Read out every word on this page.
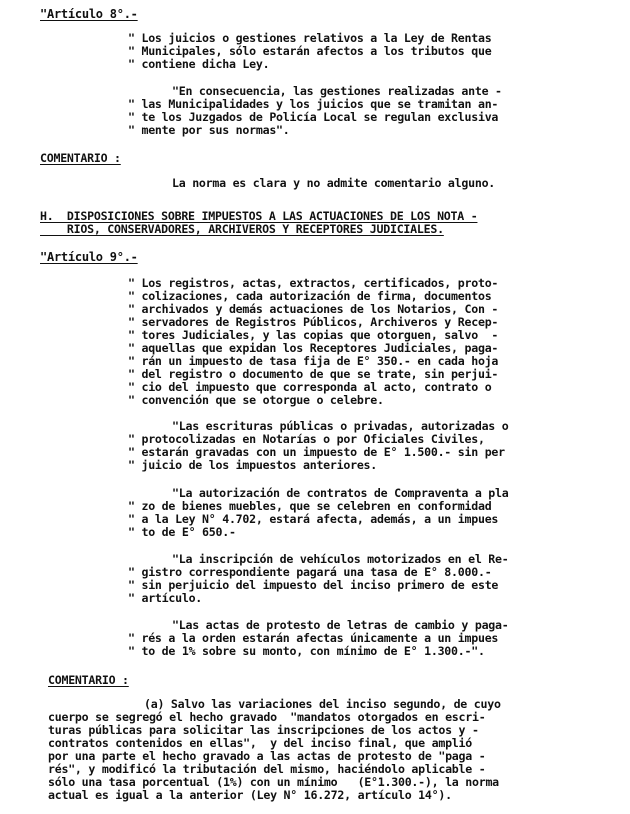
"Artículo 8°.-
" Los juicios o gestiones relativos a la Ley de Rentas
" Municipales, sólo estarán afectos a los tributos que
" contiene dicha Ley.
"En consecuencia, las gestiones realizadas ante -
" las Municipalidades y los juicios que se tramitan an-
" te los Juzgados de Policía Local se regulan exclusiva
" mente por sus normas".
COMENTARIO :
La norma es clara y no admite comentario alguno.
H.  DISPOSICIONES SOBRE IMPUESTOS A LAS ACTUACIONES DE LOS NOTA -
RIOS, CONSERVADORES, ARCHIVEROS Y RECEPTORES JUDICIALES.
"Artículo 9°.-
" Los registros, actas, extractos, certificados, proto-
" colizaciones, cada autorización de firma, documentos
" archivados y demás actuaciones de los Notarios, Con -
" servadores de Registros Públicos, Archiveros y Recep-
" tores Judiciales, y las copias que otorguen, salvo  -
" aquellas que expidan los Receptores Judiciales, paga-
" rán un impuesto de tasa fija de E° 350.- en cada hoja
" del registro o documento de que se trate, sin perjui-
" cio del impuesto que corresponda al acto, contrato o
" convención que se otorgue o celebre.
"Las escrituras públicas o privadas, autorizadas o
" protocolizadas en Notarías o por Oficiales Civiles,
" estarán gravadas con un impuesto de E° 1.500.- sin per
" juicio de los impuestos anteriores.
"La autorización de contratos de Compraventa a pla
" zo de bienes muebles, que se celebren en conformidad
" a la Ley N° 4.702, estará afecta, además, a un impues
" to de E° 650.-
"La inscripción de vehículos motorizados en el Re-
" gistro correspondiente pagará una tasa de E° 8.000.-
" sin perjuicio del impuesto del inciso primero de este
" artículo.
"Las actas de protesto de letras de cambio y paga-
" rés a la orden estarán afectas únicamente a un impues
" to de 1% sobre su monto, con mínimo de E° 1.300.-".
COMENTARIO :
(a) Salvo las variaciones del inciso segundo, de cuyo
cuerpo se segregó el hecho gravado  "mandatos otorgados en escri-
turas públicas para solicitar las inscripciones de los actos y -
contratos contenidos en ellas",  y del inciso final, que amplió
por una parte el hecho gravado a las actas de protesto de "paga -
rés", y modificó la tributación del mismo, haciéndolo aplicable -
sólo una tasa porcentual (1%) con un mínimo   (E°1.300.-), la norma
actual es igual a la anterior (Ley N° 16.272, artículo 14°).
